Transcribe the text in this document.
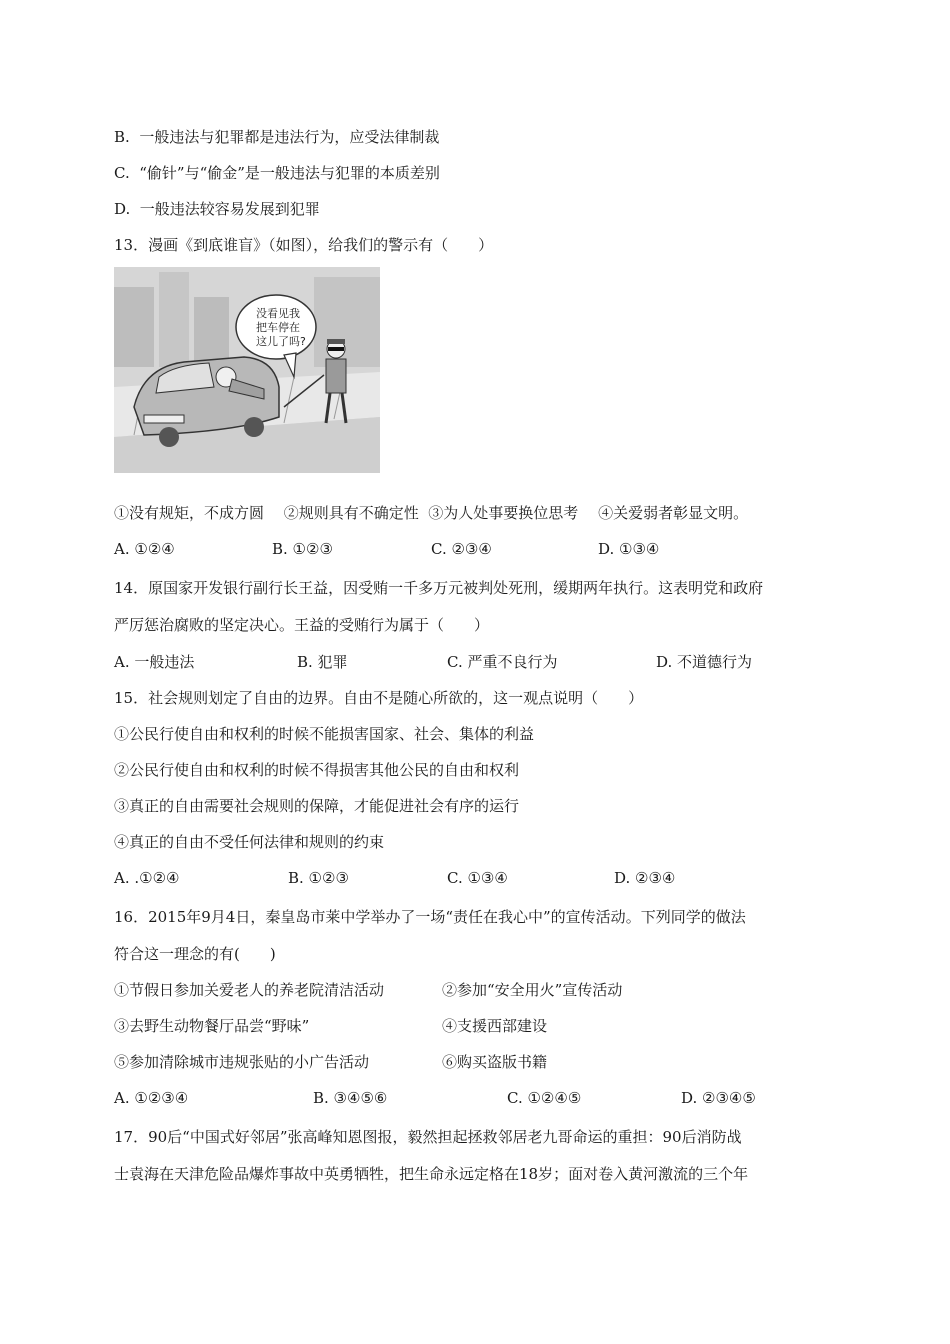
B.  一般违法与犯罪都是违法行为，应受法律制裁
C.  “偷针”与“偷金”是一般违法与犯罪的本质差别
D.  一般违法较容易发展到犯罪
13．漫画《到底谁盲》（如图），给我们的警示有（　　）
没看见我
把车停在
这儿了吗?
①没有规矩，不成方圆　 ②规则具有不确定性  ③为人处事要换位思考　 ④关爱弱者彰显文明。
A. ①②④	B. ①②③	C. ②③④	D. ①③④
14．原国家开发银行副行长王益，因受贿一千多万元被判处死刑，缓期两年执行。这表明党和政府
严厉惩治腐败的坚定决心。王益的受贿行为属于（　　）
A. 一般违法	B. 犯罪	C. 严重不良行为	D. 不道德行为
15．社会规则划定了自由的边界。自由不是随心所欲的，这一观点说明（　　）
①公民行使自由和权利的时候不能损害国家、社会、集体的利益
②公民行使自由和权利的时候不得损害其他公民的自由和权利
③真正的自由需要社会规则的保障，才能促进社会有序的运行
④真正的自由不受任何法律和规则的约束
A. .①②④	B. ①②③	C. ①③④	D. ②③④
16．2015年9月4日，秦皇岛市莱中学举办了一场“责任在我心中”的宣传活动。下列同学的做法
符合这一理念的有(　　)
①节假日参加关爱老人的养老院清洁活动	②参加“安全用火”宣传活动
③去野生动物餐厅品尝“野味”	④支援西部建设
⑤参加清除城市违规张贴的小广告活动	⑥购买盗版书籍
A. ①②③④	B. ③④⑤⑥	C. ①②④⑤	D. ②③④⑤
17．90后“中国式好邻居”张高峰知恩图报，毅然担起拯救邻居老九哥命运的重担：90后消防战
士袁海在天津危险品爆炸事故中英勇牺牲，把生命永远定格在18岁；面对卷入黄河激流的三个年
